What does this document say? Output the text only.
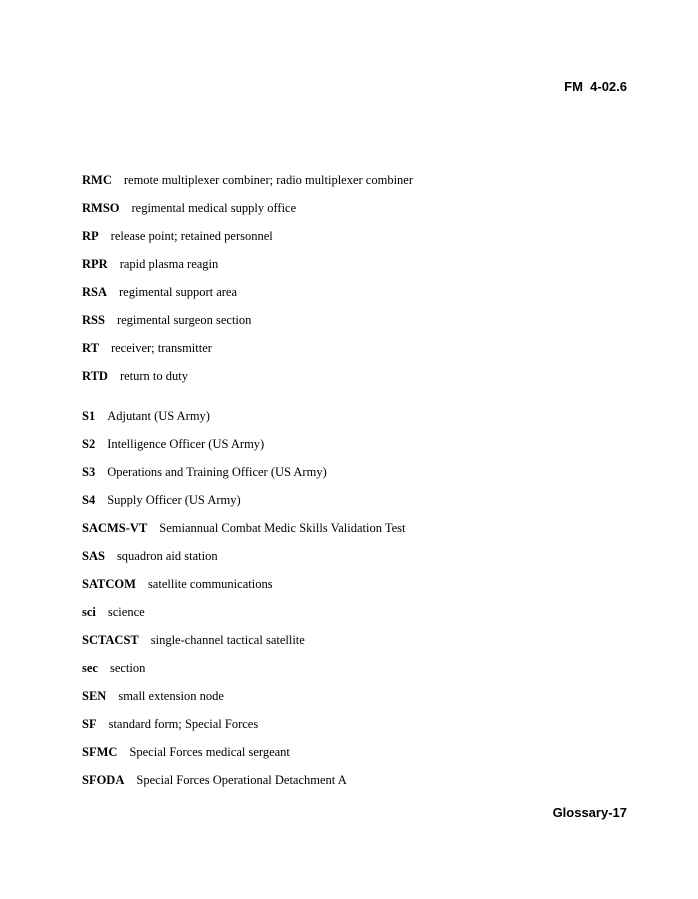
FM  4-02.6
RMC remote multiplexer combiner; radio multiplexer combiner
RMSO regimental medical supply office
RP release point; retained personnel
RPR rapid plasma reagin
RSA regimental support area
RSS regimental surgeon section
RT receiver; transmitter
RTD return to duty
S1 Adjutant (US Army)
S2 Intelligence Officer (US Army)
S3 Operations and Training Officer (US Army)
S4 Supply Officer (US Army)
SACMS-VT Semiannual Combat Medic Skills Validation Test
SAS squadron aid station
SATCOM satellite communications
sci science
SCTACST single-channel tactical satellite
sec section
SEN small extension node
SF standard form; Special Forces
SFMC Special Forces medical sergeant
SFODA Special Forces Operational Detachment A
Glossary-17
